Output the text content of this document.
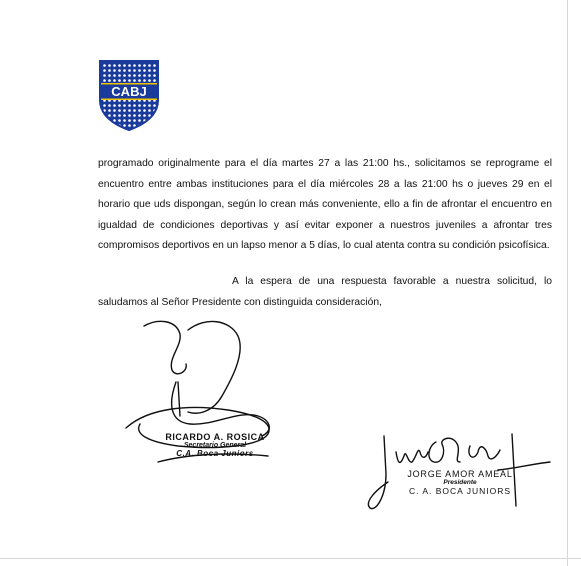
CABJ

programado originalmente para el día martes 27 a las 21:00 hs., solicitamos se reprograme el encuentro entre ambas instituciones para el día miércoles 28 a las 21:00 hs o jueves 29 en el horario que uds dispongan, según lo crean más conveniente, ello a fin de afrontar el encuentro en igualdad de condiciones deportivas y así evitar exponer a nuestros juveniles a afrontar tres compromisos deportivos en un lapso menor a 5 días, lo cual atenta contra su condición psicofísica.

A la espera de una respuesta favorable a nuestra solicitud, lo saludamos al Señor Presidente con distinguida consideración,

RICARDO A. ROSICA
Secretario General
C.A. Boca Juniors
JORGE AMOR AMEAL
Presidente
C. A. BOCA JUNIORS
